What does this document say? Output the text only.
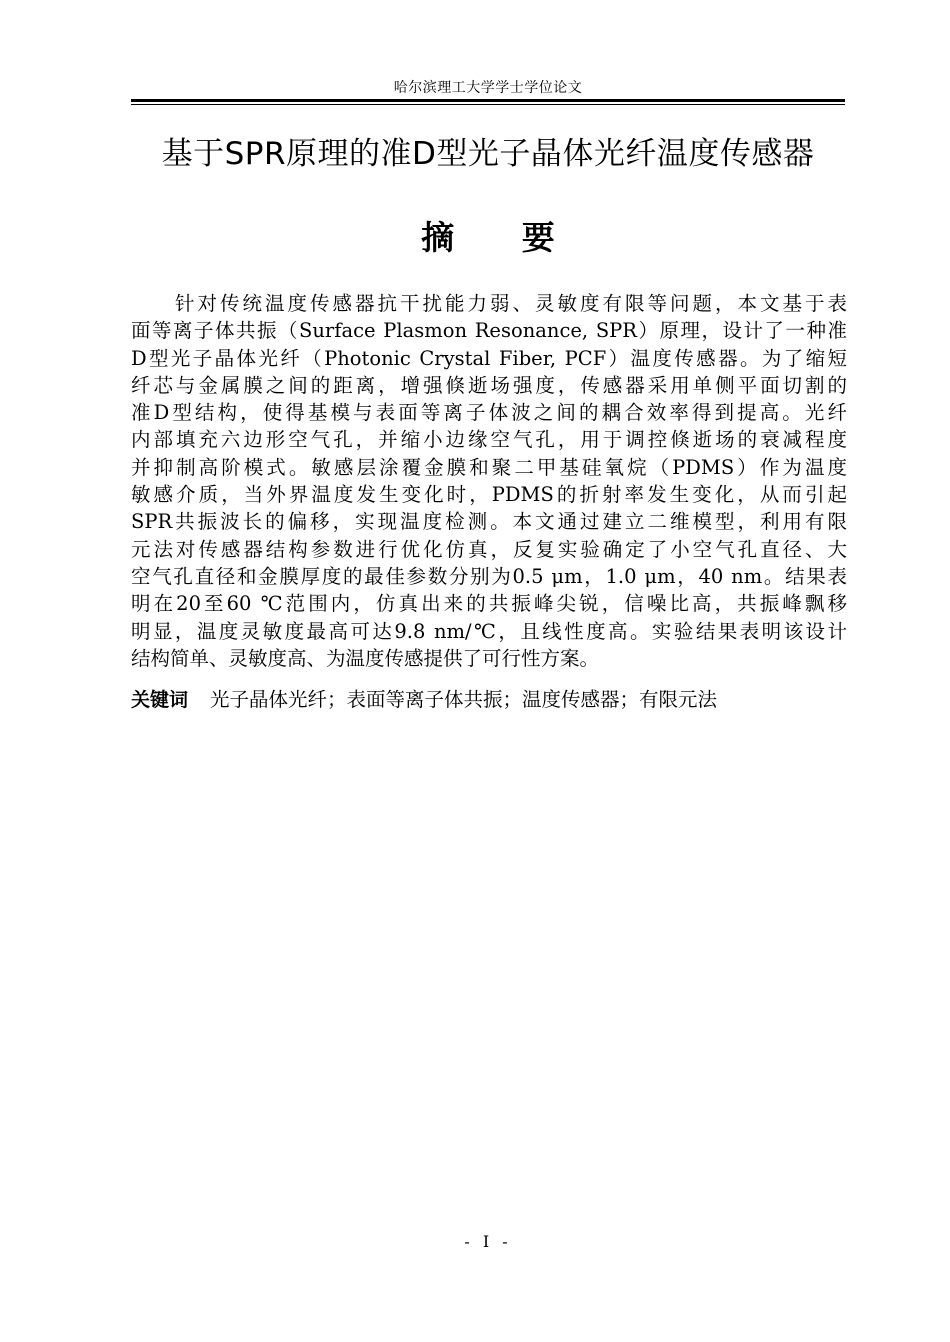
哈尔滨理工大学学士学位论文
基于SPR原理的准D型光子晶体光纤温度传感器
摘 要
针对传统温度传感器抗干扰能力弱、灵敏度有限等问题，本文基于表
面等离子体共振（Surface Plasmon Resonance, SPR）原理，设计了一种准
D型光子晶体光纤（Photonic Crystal Fiber, PCF）温度传感器。为了缩短
纤芯与金属膜之间的距离，增强倏逝场强度，传感器采用单侧平面切割的
准D型结构，使得基模与表面等离子体波之间的耦合效率得到提高。光纤
内部填充六边形空气孔，并缩小边缘空气孔，用于调控倏逝场的衰减程度
并抑制高阶模式。敏感层涂覆金膜和聚二甲基硅氧烷（PDMS）作为温度
敏感介质，当外界温度发生变化时，PDMS的折射率发生变化，从而引起
SPR共振波长的偏移，实现温度检测。本文通过建立二维模型，利用有限
元法对传感器结构参数进行优化仿真，反复实验确定了小空气孔直径、大
空气孔直径和金膜厚度的最佳参数分别为0.5 μm，1.0 μm，40 nm。结果表
明在20至60 ℃范围内，仿真出来的共振峰尖锐，信噪比高，共振峰飘移
明显，温度灵敏度最高可达9.8 nm/℃，且线性度高。实验结果表明该设计
结构简单、灵敏度高、为温度传感提供了可行性方案。
关键词 光子晶体光纤；表面等离子体共振；温度传感器；有限元法
- I -
